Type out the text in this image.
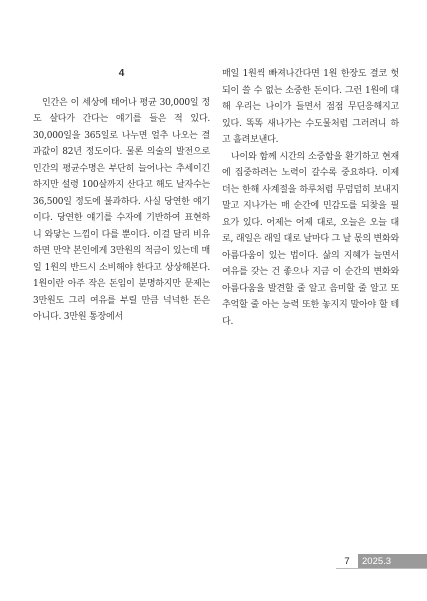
4

인간은 이 세상에 태어나 평균 30,000일 정도 살다가 간다는 얘기를 들은 적 있다. 30,000일을 365일로 나누면 얼추 나오는 결과값이 82년 정도이다. 물론 의술의 발전으로 인간의 평균수명은 부단히 늘어나는 추세이긴 하지만 설령 100살까지 산다고 해도 날자수는 36,500일 정도에 불과하다. 사실 당연한 얘기이다. 당연한 얘기를 수자에 기반하여 표현하니 와닿는 느낌이 다를 뿐이다. 이걸 달리 비유하면 만약 본인에게 3만원의 적금이 있는데 매일 1원의 반드시 소비해야 한다고 상상해본다. 1원이란 아주 작은 돈임이 분명하지만 문제는 3만원도 그리 여유를 부릴 만큼 넉넉한 돈은 아니다. 3만원 통장에서

매일 1원씩 빠져나간다면 1원 한장도 결코 헛되이 쓸 수 없는 소중한 돈이다. 그런 1원에 대해 우리는 나이가 들면서 점점 무딘응해지고 있다. 똑똑 새나가는 수도물처럼 그러려니 하고 흘려보낸다.

나이와 함께 시간의 소중함을 환기하고 현재에 집중하려는 노력이 갈수록 중요하다. 이제 더는 한해 사계절을 하루처럼 무덤덤히 보내지 말고 지나가는 매 순간에 민감도를 되찾을 필요가 있다. 어제는 어제 대로, 오늘은 오늘 대로, 래일은 래일 대로 날마다 그 날 몫의 변화와 아름다움이 있는 법이다. 삶의 지혜가 늘면서 여유를 갖는 건 좋으나 지금 이 순간의 변화와 아름다움을 발견할 줄 알고 음미할 줄 알고 또 추억할 줄 아는 능력 또한 놓지지 말아야 할 테다.

7	2025.3
